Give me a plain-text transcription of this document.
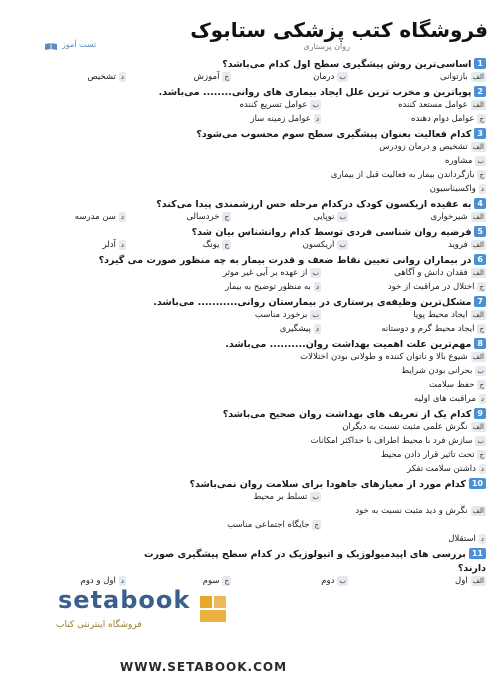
فروشگاه کتب پزشکی ستابوک
روان پرستاری
تست آموز
1اساسی‌ترین روش پیشگیری سطح اول کدام می‌باشد؟
الف
بازتوانی
ب
درمان
ج
آموزش
د
تشخیص
2پویاترین و مخرب ترین علل ایجاد بیماری های روانی........ می‌باشد.
الف
عوامل مستعد کننده
ب
عوامل تسریع کننده
ج
عوامل دوام دهنده
د
عوامل زمینه ساز
3کدام فعالیت بعنوان پیشگیری سطح سوم محسوب می‌شود؟
الف
تشخیص و درمان زودرس
ب
مشاوره
ج
بازگرداندن بیمار به فعالیت قبل از بیماری
د
واکسیناسیون
4به عقیده اریکسون کودک درکدام مرحله حس ارزشمندی پیدا می‌کند؟
الف
شیرخواری
ب
نوپایی
ج
خردسالی
د
سن مدرسه
5فرضیه روان شناسی فردی توسط کدام روانشناس بیان شد؟
الف
فروید
ب
اریکسون
ج
یونگ
د
آدلر
6در بیماران روانی تعیین نقاط ضعف و قدرت بیمار به چه منظور صورت می گیرد؟
الف
فقدان دانش و آگاهی
ب
از عهده بر آیی غیر موثر
ج
اختلال در مراقبت از خود
د
به منظور توضیح به بیمار
7مشکل‌ترین وظیفه‌ی پرستاری در بیمارستان روانی........... می‌باشد.
الف
ایجاد محیط پویا
ب
برخورد مناسب
ج
ایجاد محیط گرم و دوستانه
د
پیشگیری
8مهم‌ترین علت اهمیت بهداشت روان.......... می‌باشد.
الف
شیوع بالا و ناتوان کننده و طولانی بودن اختلالات
ب
بحرانی بودن شرایط
ج
حفظ سلامت
د
مراقبت های اولیه
9کدام یک از تعریف های بهداشت روان صحیح می‌باشد؟
الف
نگرش علمی مثبت نسبت به دیگران
ب
سازش فرد با محیط اطراف با حداکثر امکانات
ج
تحت تاثیر قرار دادن محیط
د
داشتن سلامت تفکر
10کدام مورد از معیارهای جاهودا برای سلامت روان نمی‌باشد؟
ب
تسلط بر محیط
الف
نگرش و دید مثبت نسبت به خود
ج
جایگاه اجتماعی مناسب
د
استقلال
11بررسی های اپیدمیولوژیک و اتیولوژیک در کدام سطح پیشگیری صورت
دارند؟
الف
اول
ب
دوم
ج
سوم
د
اول و دوم
setabook
فروشگاه اینترنتی کتاب
WWW.SETABOOK.COM
